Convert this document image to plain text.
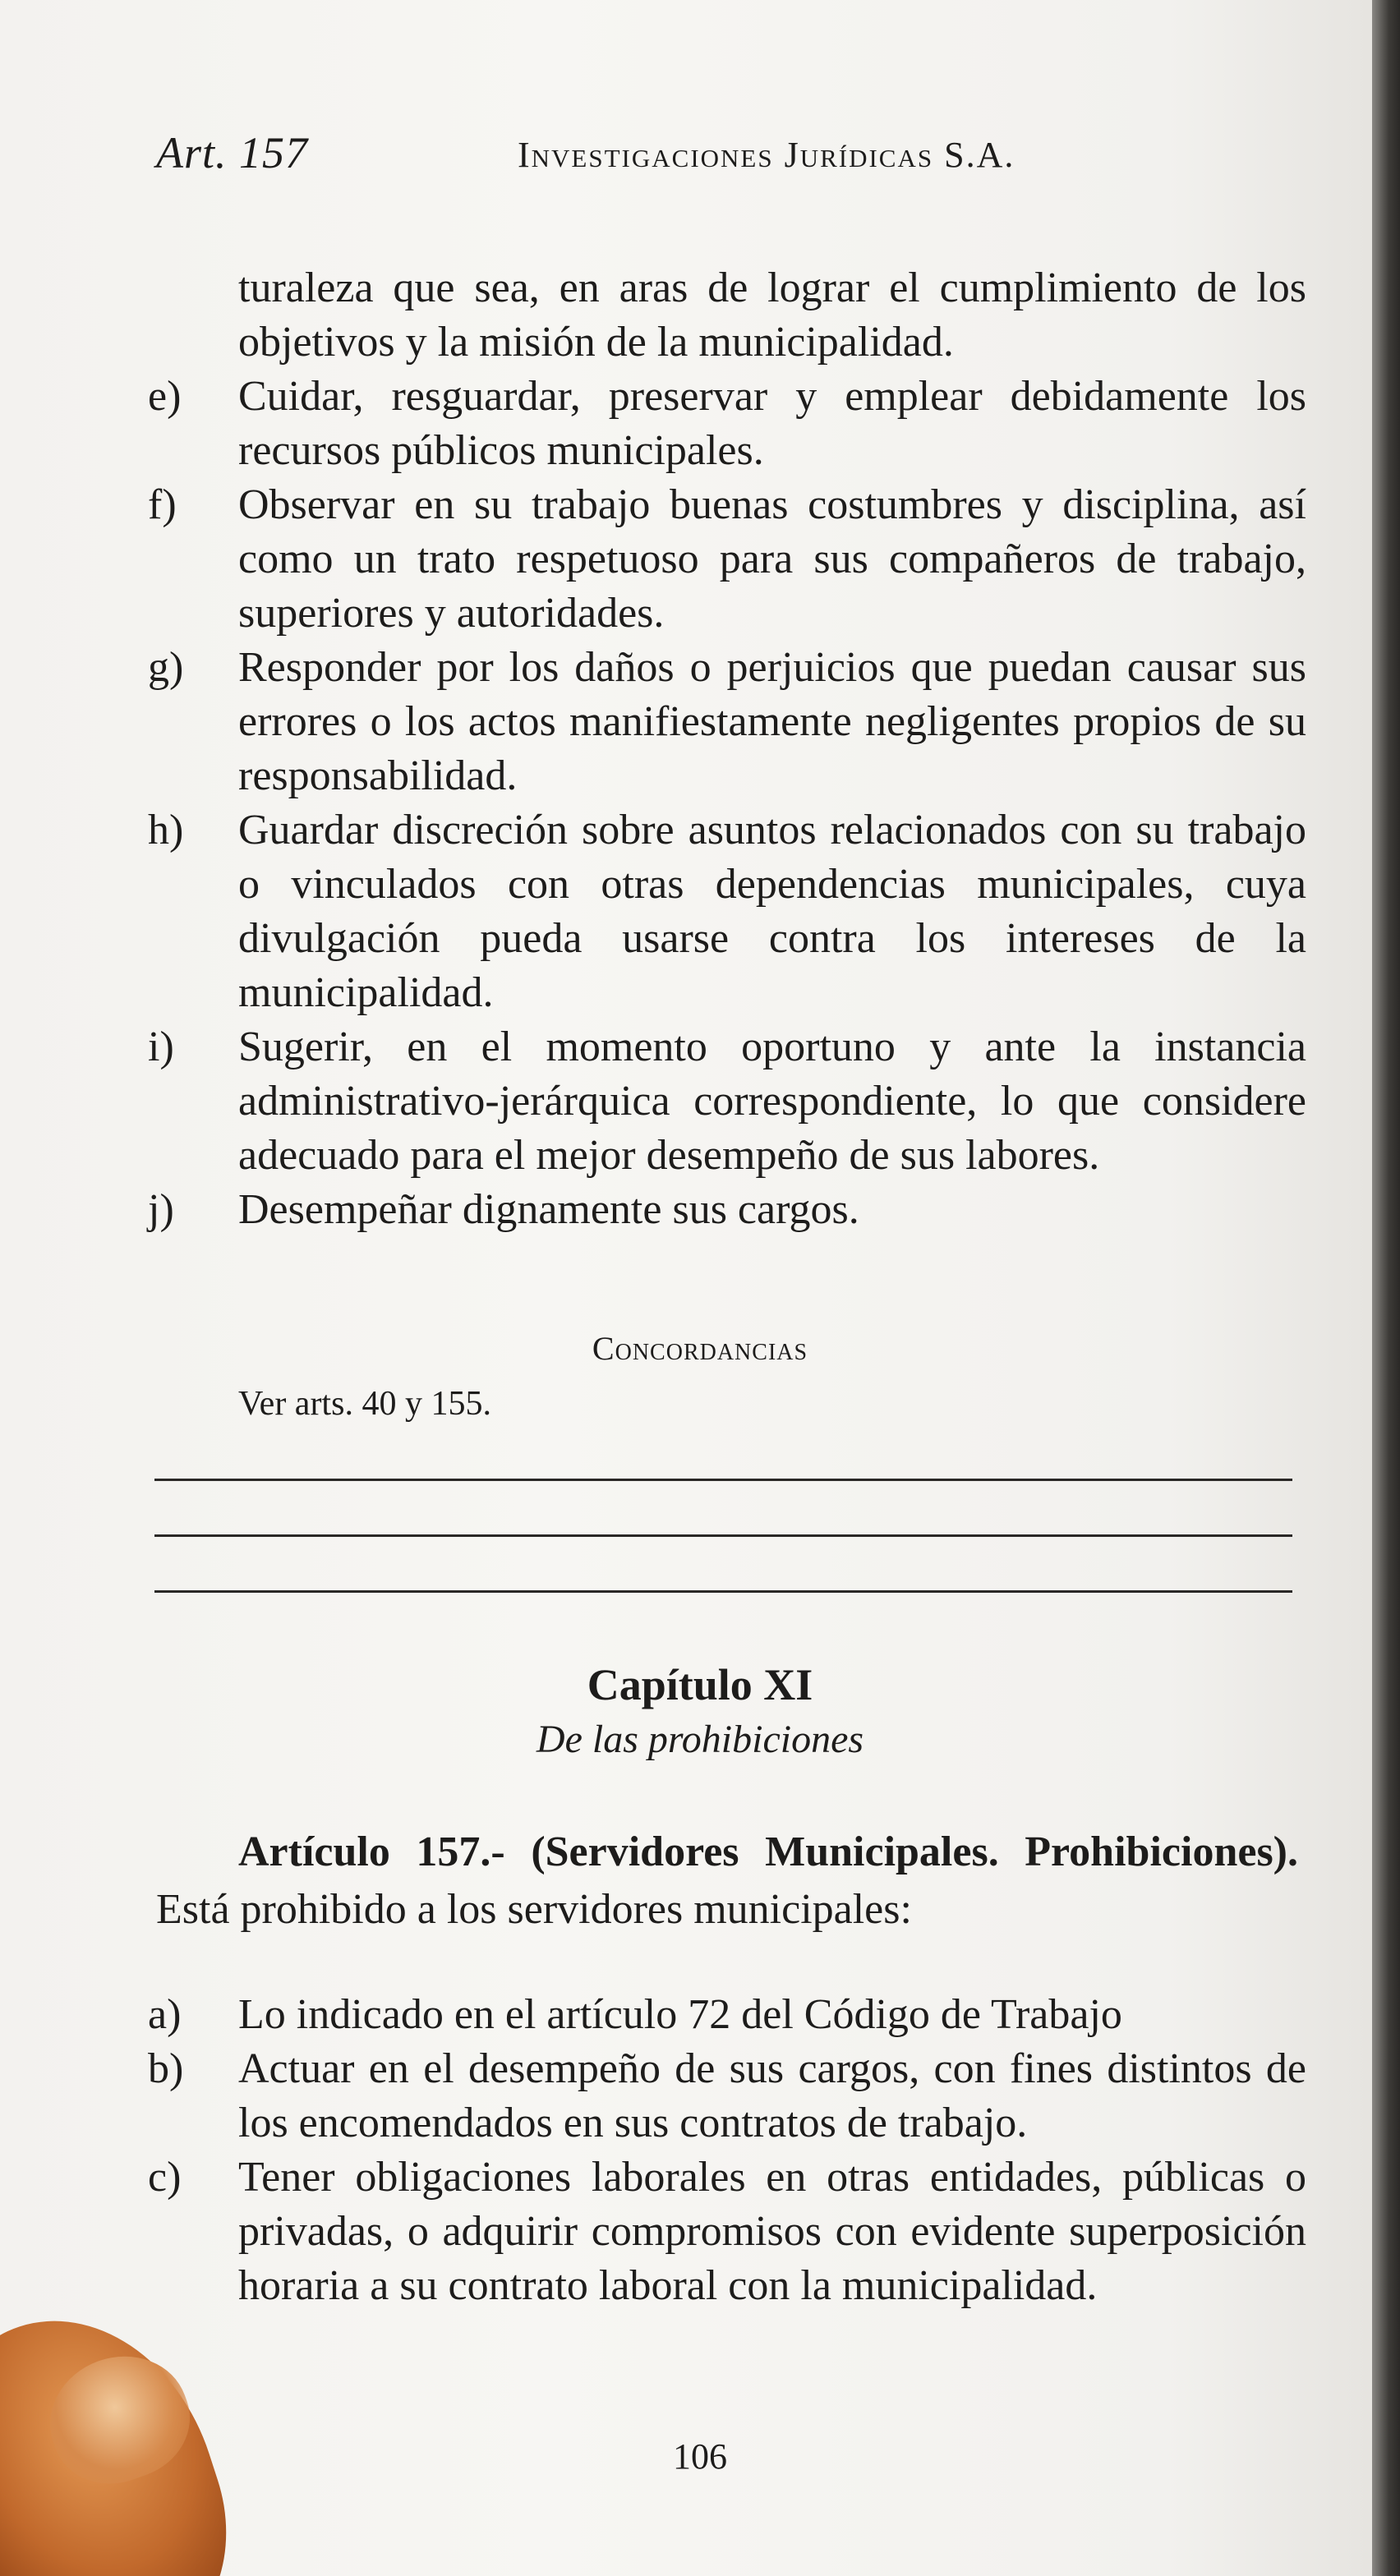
Art. 157	Investigaciones Jurídicas S.A.
turaleza que sea, en aras de lograr el cumplimiento de los objetivos y la misión de la municipalidad.

e)	Cuidar, resguardar, preservar y emplear debidamente los recursos públicos municipales.

f)	Observar en su trabajo buenas costumbres y disciplina, así como un trato respetuoso para sus compañeros de trabajo, superiores y autoridades.

g)	Responder por los daños o perjuicios que puedan causar sus errores o los actos manifiestamente negligentes propios de su responsabilidad.

h)	Guardar discreción sobre asuntos relacionados con su trabajo o vinculados con otras dependencias municipales, cuya divulgación pueda usarse contra los intereses de la municipalidad.

i)	Sugerir, en el momento oportuno y ante la instancia administrativo-jerárquica correspondiente, lo que considere adecuado para el mejor desempeño de sus labores.

j)	Desempeñar dignamente sus cargos.

Concordancias
Ver arts. 40 y 155.
Capítulo XI
De las prohibiciones
Artículo 157.- (Servidores Municipales. Prohibiciones). Está prohibido a los servidores municipales:

a)	Lo indicado en el artículo 72 del Código de Trabajo

b)	Actuar en el desempeño de sus cargos, con fines distintos de los encomendados en sus contratos de trabajo.

c)	Tener obligaciones laborales en otras entidades, públicas o privadas, o adquirir compromisos con evidente superposición horaria a su contrato laboral con la municipalidad.

106
